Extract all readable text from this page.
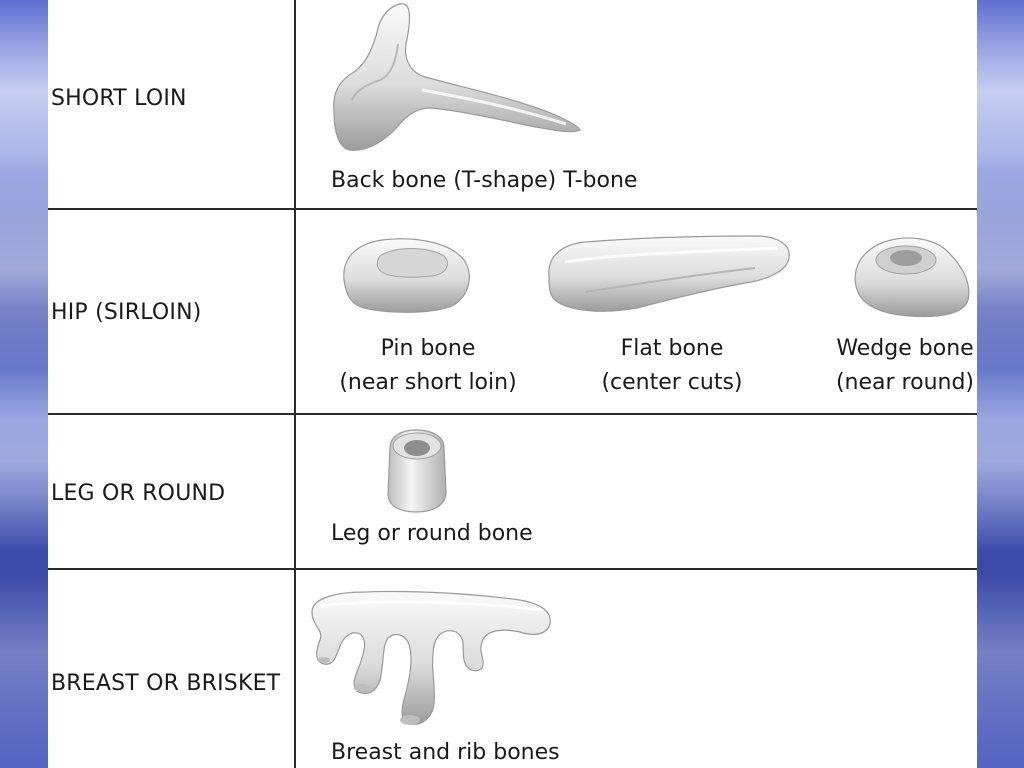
SHORT LOIN
Back bone (T-shape) T-bone
HIP (SIRLOIN)
Pin bone
(near short loin)
Flat bone
(center cuts)
Wedge bone
(near round)
LEG OR ROUND
Leg or round bone
BREAST OR BRISKET
Breast and rib bones
